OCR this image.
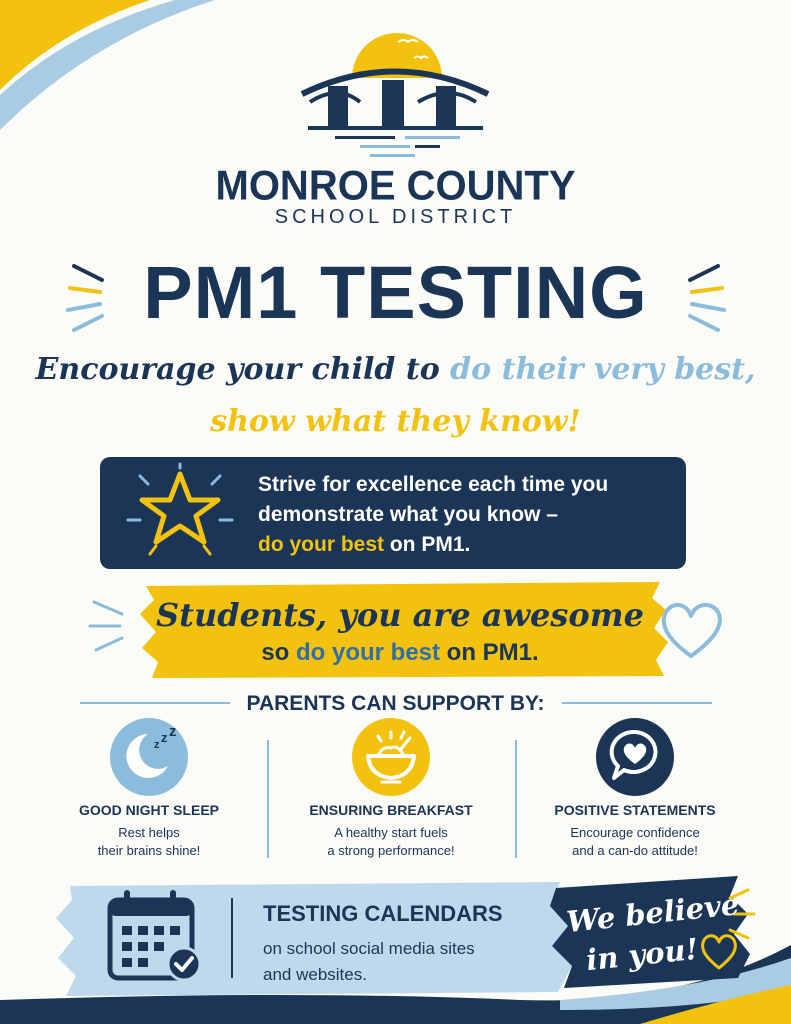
MONROE COUNTY
SCHOOL DISTRICT
PM1 TESTING
Encourage your child to do their very best,
show what they know!
Strive for excellence each time you
demonstrate what you know –
do your best on PM1.
Students, you are awesome
so do your best on PM1.
PARENTS CAN SUPPORT BY:
z z z
GOOD NIGHT SLEEP
Rest helps
their brains shine!
ENSURING BREAKFAST
A healthy start fuels
a strong performance!
POSITIVE STATEMENTS
Encourage confidence
and a can-do attitude!
TESTING CALENDARS
on school social media sites
and websites.
We believe
in you!
